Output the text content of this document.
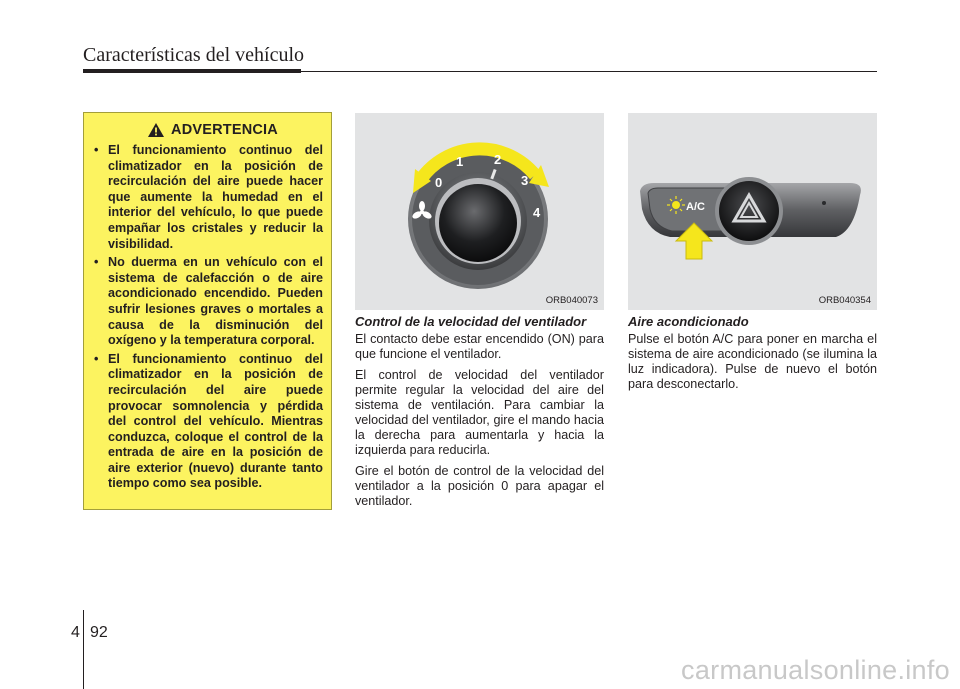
Características del vehículo
ADVERTENCIA
• El funcionamiento continuo del climatizador en la posición de recirculación del aire puede hacer que aumente la humedad en el interior del vehículo, lo que puede empañar los cristales y reducir la visibilidad.
• No duerma en un vehículo con el sistema de calefacción o de aire acondicionado encendido. Pueden sufrir lesiones graves o mortales a causa de la disminución del oxígeno y la temperatura corporal.
• El funcionamiento continuo del climatizador en la posición de recirculación del aire puede provocar somnolencia y pérdida del control del vehículo. Mientras conduzca, coloque el control de la entrada de aire en la posición de aire exterior (nuevo) durante tanto tiempo como sea posible.
0
1 2
3
4
ORB040073
A/C
ORB040354
Control de la velocidad del ventilador

El contacto debe estar encendido (ON) para que funcione el ventilador.

El control de velocidad del ventilador permite regular la velocidad del aire del sistema de ventilación. Para cambiar la velocidad del ventilador, gire el mando hacia la derecha para aumentarla y hacia la izquierda para reducirla.

Gire el botón de control de la velocidad del ventilador a la posición 0 para apagar el ventilador.

Aire acondicionado

Pulse el botón A/C para poner en marcha el sistema de aire acondicionado (se ilumina la luz indicadora). Pulse de nuevo el botón para desconectarlo.

4 92
carmanualsonline.info
